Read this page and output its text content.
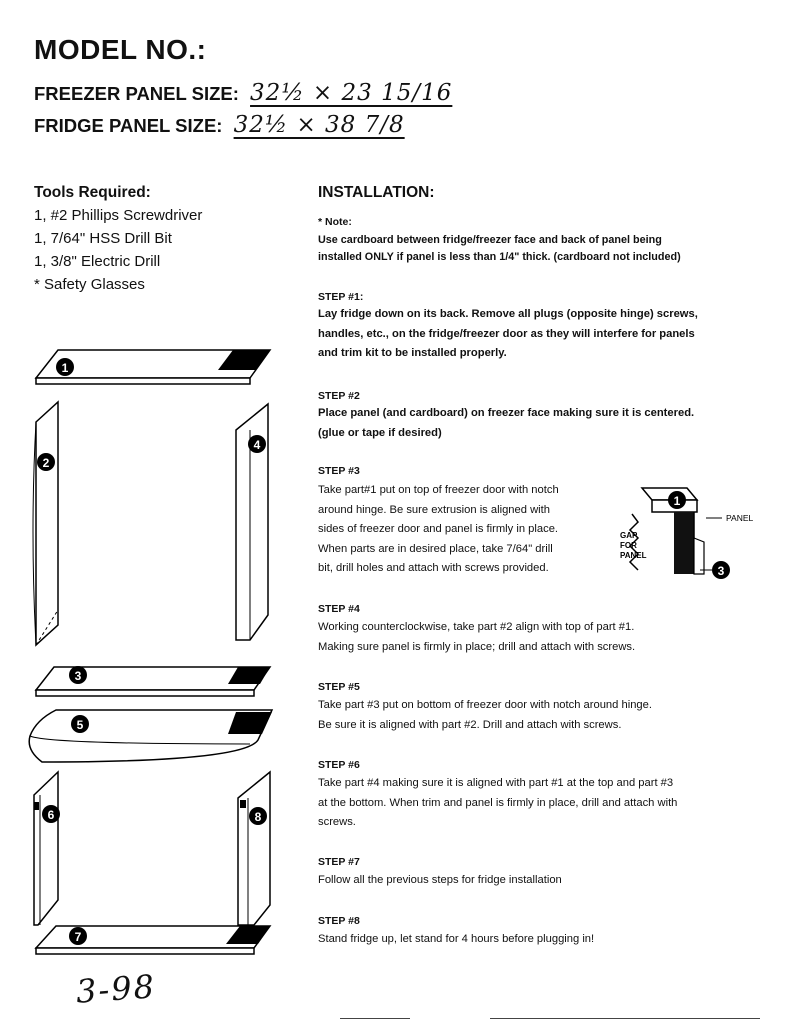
MODEL NO.:
FREEZER PANEL SIZE: 32½ × 23 15/16
FRIDGE PANEL SIZE: 32½ × 38 7/8
Tools Required:
1, #2 Phillips Screwdriver
1, 7/64" HSS Drill Bit
1, 3/8" Electric Drill
* Safety Glasses
INSTALLATION:
* Note:
Use cardboard between fridge/freezer face and back of panel being
installed ONLY if panel is less than 1/4" thick. (cardboard not included)
STEP #1:
Lay fridge down on its back. Remove all plugs (opposite hinge) screws,
handles, etc., on the fridge/freezer door as they will interfere for panels
and trim kit to be installed properly.
STEP #2
Place panel (and cardboard) on freezer face making sure it is centered.
(glue or tape if desired)
STEP #3
Take part#1 put on top of freezer door with notch
around hinge. Be sure extrusion is aligned with
sides of freezer door and panel is firmly in place.
When parts are in desired place, take 7/64" drill
bit, drill holes and attach with screws provided.
1
PANEL
GAP
FOR
PANEL
3
STEP #4
Working counterclockwise, take part #2 align with top of part #1.
Making sure panel is firmly in place; drill and attach with screws.
STEP #5
Take part #3 put on bottom of freezer door with notch around hinge.
Be sure it is aligned with part #2. Drill and attach with screws.
STEP #6
Take part #4 making sure it is aligned with part #1 at the top and part #3
at the bottom. When trim and panel is firmly in place, drill and attach with
screws.
STEP #7
Follow all the previous steps for fridge installation
STEP #8
Stand fridge up, let stand for 4 hours before plugging in!
1
2
4
3
5
6	8
7
3-98
